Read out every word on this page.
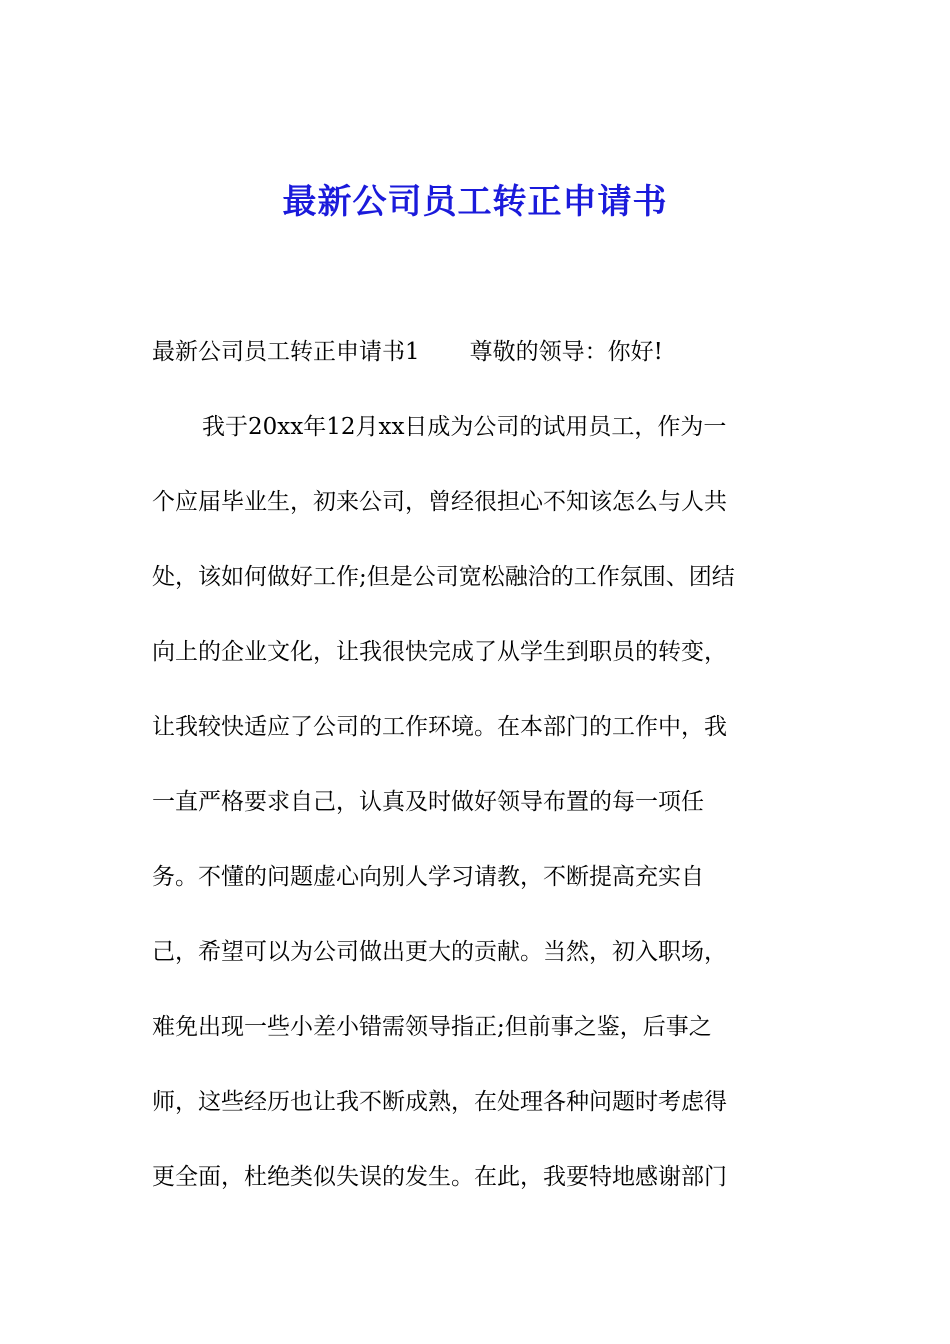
最新公司员工转正申请书
最新公司员工转正申请书1 尊敬的领导：你好!
我于20xx年12月xx日成为公司的试用员工，作为一
个应届毕业生，初来公司，曾经很担心不知该怎么与人共
处，该如何做好工作;但是公司宽松融洽的工作氛围、团结
向上的企业文化，让我很快完成了从学生到职员的转变，
让我较快适应了公司的工作环境。在本部门的工作中，我
一直严格要求自己，认真及时做好领导布置的每一项任
务。不懂的问题虚心向别人学习请教，不断提高充实自
己，希望可以为公司做出更大的贡献。当然，初入职场，
难免出现一些小差小错需领导指正;但前事之鉴，后事之
师，这些经历也让我不断成熟，在处理各种问题时考虑得
更全面，杜绝类似失误的发生。在此，我要特地感谢部门
